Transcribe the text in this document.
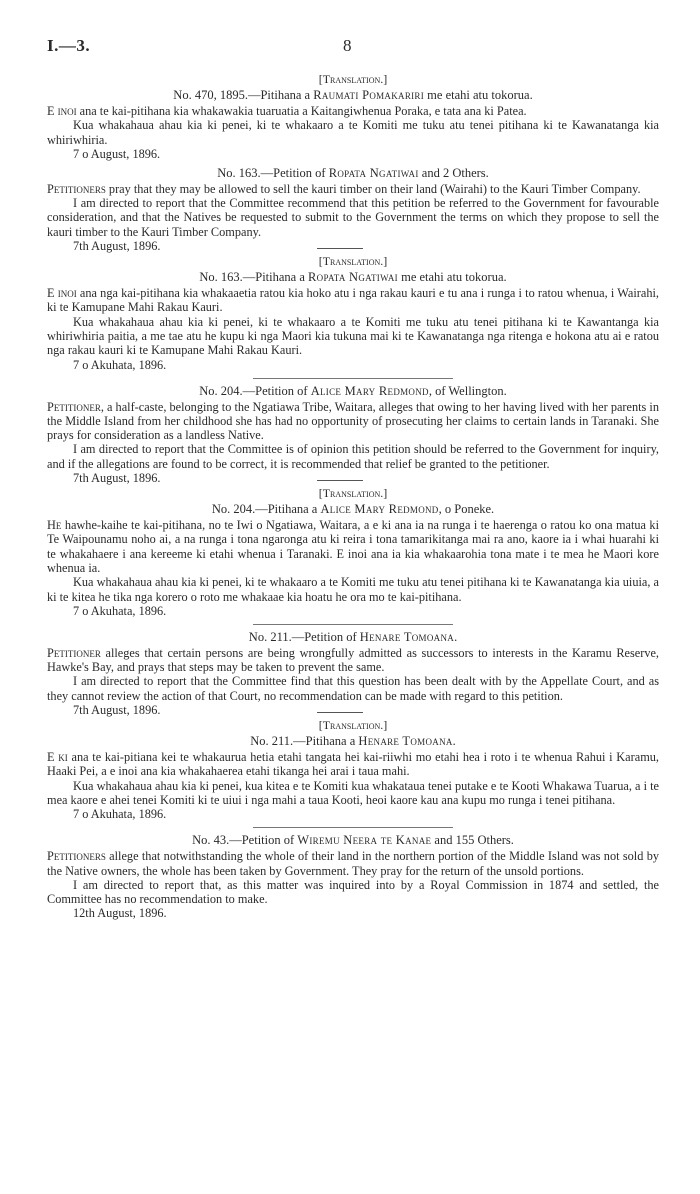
I.—3.	8

[Translation.]

No. 470, 1895.—Pitihana a Raumati Pomakariri me etahi atu tokorua.

E inoi ana te kai-pitihana kia whakawakia tuaruatia a Kaitangiwhenua Poraka, e tata ana ki Patea.

Kua whakahaua ahau kia ki penei, ki te whakaaro a te Komiti me tuku atu tenei pitihana ki te Kawanatanga kia whiriwhiria.

7 o August, 1896.

No. 163.—Petition of Ropata Ngatiwai and 2 Others.

Petitioners pray that they may be allowed to sell the kauri timber on their land (Wairahi) to the Kauri Timber Company.

I am directed to report that the Committee recommend that this petition be referred to the Government for favourable consideration, and that the Natives be requested to submit to the Government the terms on which they propose to sell the kauri timber to the Kauri Timber Company.

7th August, 1896.

[Translation.]

No. 163.—Pitihana a Ropata Ngatiwai me etahi atu tokorua.

E inoi ana nga kai-pitihana kia whakaaetia ratou kia hoko atu i nga rakau kauri e tu ana i runga i to ratou whenua, i Wairahi, ki te Kamupane Mahi Rakau Kauri.

Kua whakahaua ahau kia ki penei, ki te whakaaro a te Komiti me tuku atu tenei pitihana ki te Kawantanga kia whiriwhiria paitia, a me tae atu he kupu ki nga Maori kia tukuna mai ki te Kawanatanga nga ritenga e hokona atu ai e ratou nga rakau kauri ki te Kamupane Mahi Rakau Kauri.

7 o Akuhata, 1896.

No. 204.—Petition of Alice Mary Redmond, of Wellington.

Petitioner, a half-caste, belonging to the Ngatiawa Tribe, Waitara, alleges that owing to her having lived with her parents in the Middle Island from her childhood she has had no opportunity of prosecuting her claims to certain lands in Taranaki. She prays for consideration as a landless Native.

I am directed to report that the Committee is of opinion this petition should be referred to the Government for inquiry, and if the allegations are found to be correct, it is recommended that relief be granted to the petitioner.

7th August, 1896.

[Translation.]

No. 204.—Pitihana a Alice Mary Redmond, o Poneke.

He hawhe-kaihe te kai-pitihana, no te Iwi o Ngatiawa, Waitara, a e ki ana ia na runga i te haerenga o ratou ko ona matua ki Te Waipounamu noho ai, a na runga i tona ngaronga atu ki reira i tona tamarikitanga mai ra ano, kaore ia i whai huarahi ki te whakahaere i ana kereeme ki etahi whenua i Taranaki. E inoi ana ia kia whakaarohia tona mate i te mea he Maori kore whenua ia.

Kua whakahaua ahau kia ki penei, ki te whakaaro a te Komiti me tuku atu tenei pitihana ki te Kawanatanga kia uiuia, a ki te kitea he tika nga korero o roto me whakaae kia hoatu he ora mo te kai-pitihana.

7 o Akuhata, 1896.

No. 211.—Petition of Henare Tomoana.

Petitioner alleges that certain persons are being wrongfully admitted as successors to interests in the Karamu Reserve, Hawke's Bay, and prays that steps may be taken to prevent the same.

I am directed to report that the Committee find that this question has been dealt with by the Appellate Court, and as they cannot review the action of that Court, no recommendation can be made with regard to this petition.

7th August, 1896.

[Translation.]

No. 211.—Pitihana a Henare Tomoana.

E ki ana te kai-pitiana kei te whakaurua hetia etahi tangata hei kai-riiwhi mo etahi hea i roto i te whenua Rahui i Karamu, Haaki Pei, a e inoi ana kia whakahaerea etahi tikanga hei arai i taua mahi.

Kua whakahaua ahau kia ki penei, kua kitea e te Komiti kua whakataua tenei putake e te Kooti Whakawa Tuarua, a i te mea kaore e ahei tenei Komiti ki te uiui i nga mahi a taua Kooti, heoi kaore kau ana kupu mo runga i tenei pitihana.

7 o Akuhata, 1896.

No. 43.—Petition of Wiremu Neera te Kanae and 155 Others.

Petitioners allege that notwithstanding the whole of their land in the northern portion of the Middle Island was not sold by the Native owners, the whole has been taken by Government. They pray for the return of the unsold portions.

I am directed to report that, as this matter was inquired into by a Royal Commission in 1874 and settled, the Committee has no recommendation to make.

12th August, 1896.
